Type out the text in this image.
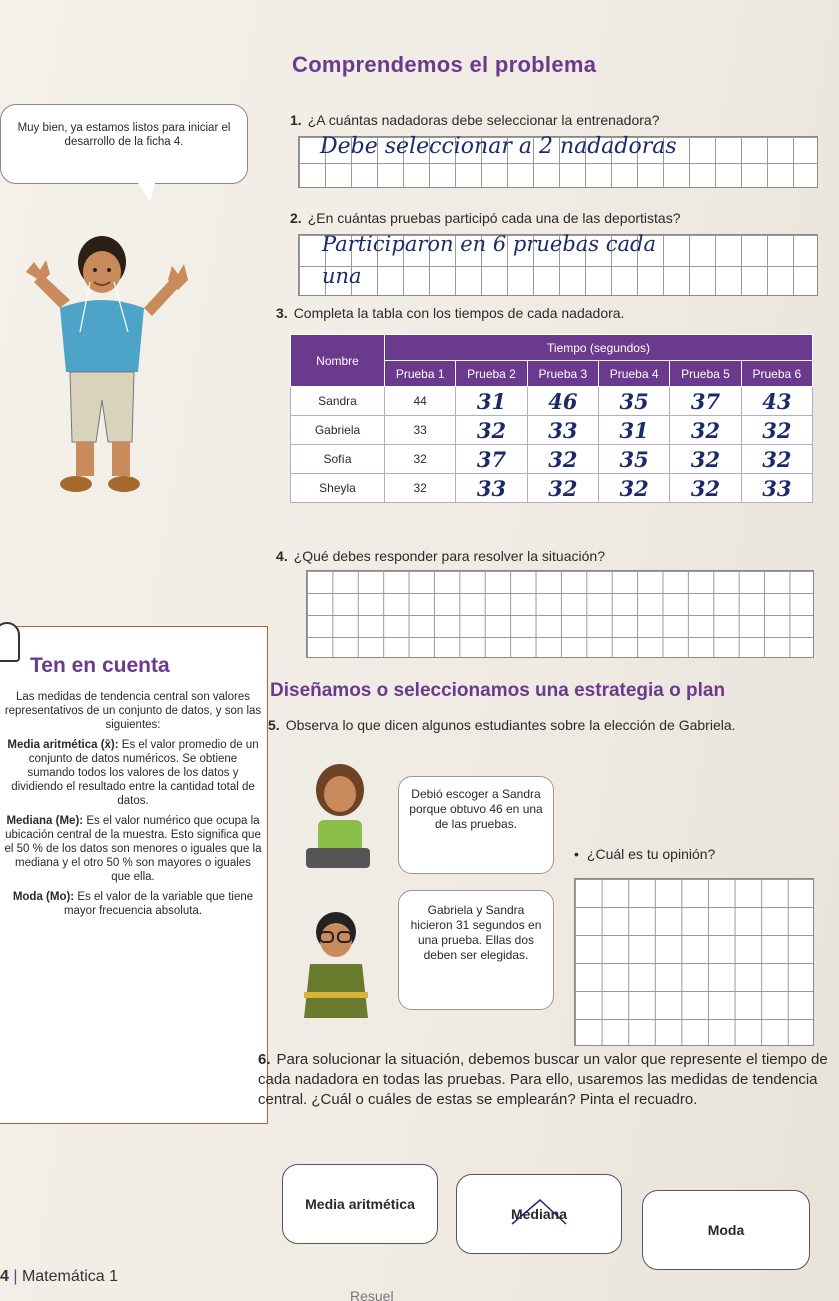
Comprendemos el problema
Muy bien, ya estamos listos para iniciar el desarrollo de la ficha 4.
1. ¿A cuántas nadadoras debe seleccionar la entrenadora?
Debe seleccionar a 2 nadadoras
2. ¿En cuántas pruebas participó cada una de las deportistas?
Participaron en 6 pruebas cada
una
3. Completa la tabla con los tiempos de cada nadadora.
Nombre	Tiempo (segundos)					
	Prueba 1	Prueba 2	Prueba 3	Prueba 4	Prueba 5	Prueba 6
Sandra	44	31	46	35	37	43
Gabriela	33	32	33	31	32	32
Sofía	32	37	32	35	32	32
Sheyla	32	33	32	32	32	33
4. ¿Qué debes responder para resolver la situación?
Ten en cuenta

Las medidas de tendencia central son valores representativos de un conjunto de datos, y son las siguientes:

Media aritmética (x̄): Es el valor promedio de un conjunto de datos numéricos. Se obtiene sumando todos los valores de los datos y dividiendo el resultado entre la cantidad total de datos.

Mediana (Me): Es el valor numérico que ocupa la ubicación central de la muestra. Esto significa que el 50 % de los datos son menores o iguales que la mediana y el otro 50 % son mayores o iguales que ella.

Moda (Mo): Es el valor de la variable que tiene mayor frecuencia absoluta.

Diseñamos o seleccionamos una estrategia o plan
5. Observa lo que dicen algunos estudiantes sobre la elección de Gabriela.
Debió escoger a Sandra porque obtuvo 46 en una de las pruebas.
• ¿Cuál es tu opinión?
Gabriela y Sandra hicieron 31 segundos en una prueba. Ellas dos deben ser elegidas.
6. Para solucionar la situación, debemos buscar un valor que represente el tiempo de cada nadadora en todas las pruebas. Para ello, usaremos las medidas de tendencia central. ¿Cuál o cuáles de estas se emplearán? Pinta el recuadro.
Media aritmética
Mediana
Moda
4 | Matemática 1
Resuel
